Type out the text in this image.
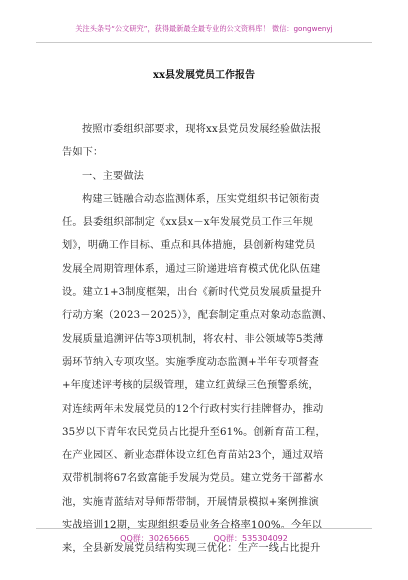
关注头条号“公文研究”，获得最新最全最专业的公文资料库！ 微信：gongwenyj
xx县发展党员工作报告
按照市委组织部要求，现将xx县党员发展经验做法报
告如下：
一、主要做法
构建三链融合动态监测体系，压实党组织书记领衔责
任。县委组织部制定《xx县x－x年发展党员工作三年规
划》，明确工作目标、重点和具体措施，县创新构建党员
发展全周期管理体系，通过三阶递进培育模式优化队伍建
设。建立1+3制度框架，出台《新时代党员发展质量提升
行动方案（2023－2025）》，配套制定重点对象动态监测、
发展质量追溯评估等3项机制，将农村、非公领域等5类薄
弱环节纳入专项攻坚。实施季度动态监测+半年专项督查
+年度述评考核的层级管理，建立红黄绿三色预警系统，
对连续两年未发展党员的12个行政村实行挂牌督办，推动
35岁以下青年农民党员占比提升至61%。创新育苗工程，
在产业园区、新业态群体设立红色育苗站23个，通过双培
双带机制将67名致富能手发展为党员。建立党务干部蓄水
池，实施青蓝结对导师帮带制，开展情景模拟+案例推演
实战培训12期，实现组织委员业务合格率100%。今年以
来，全县新发展党员结构实现三优化：生产一线占比提升
QQ群：30265665	QQ群：535304092
